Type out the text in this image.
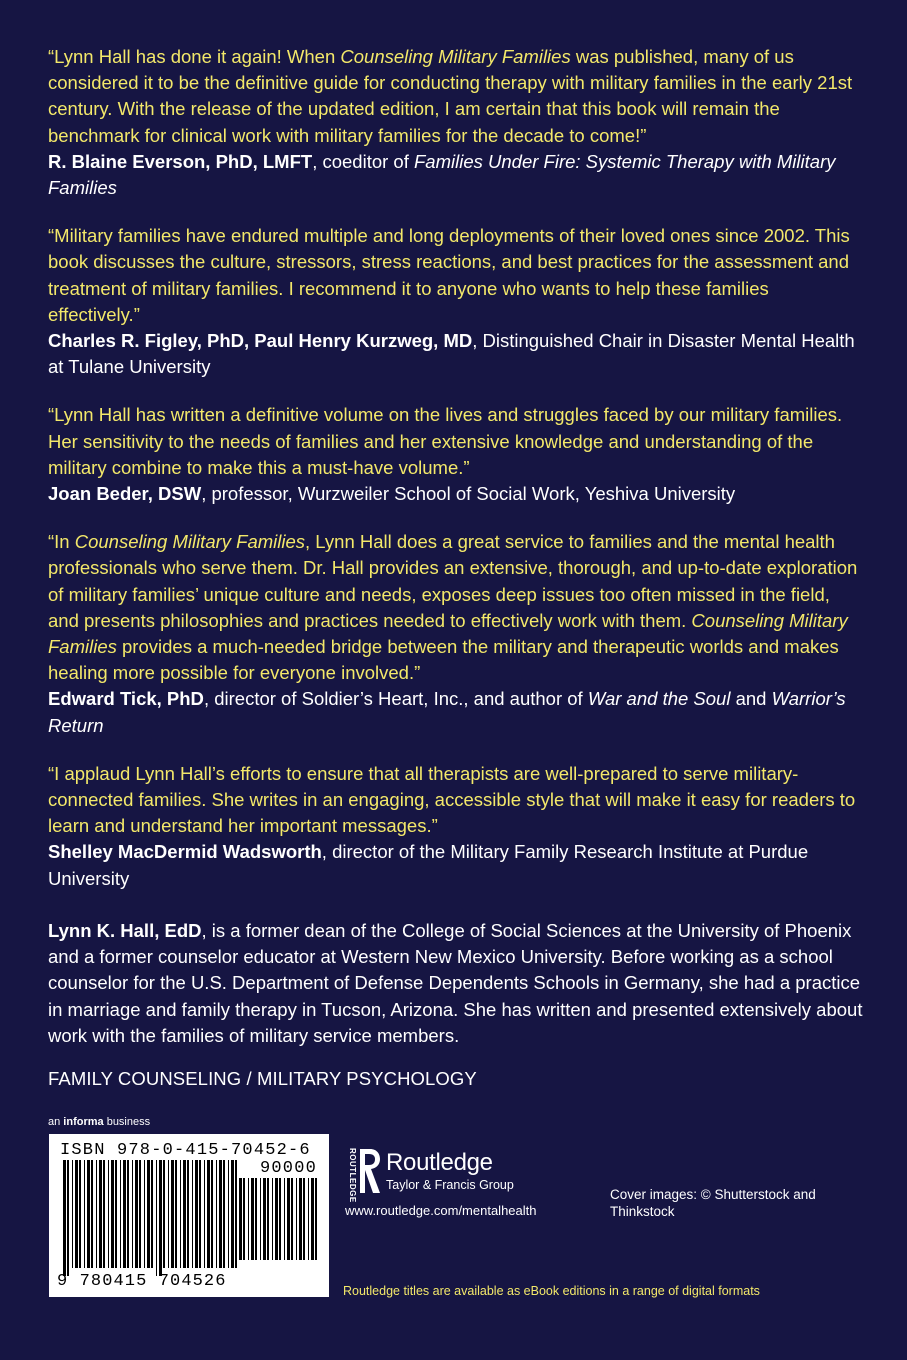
“Lynn Hall has done it again! When Counseling Military Families was published, many of us considered it to be the definitive guide for conducting therapy with military families in the early 21st century. With the release of the updated edition, I am certain that this book will remain the benchmark for clinical work with military families for the decade to come!”
R. Blaine Everson, PhD, LMFT, coeditor of Families Under Fire: Systemic Therapy with Military Families

“Military families have endured multiple and long deployments of their loved ones since 2002. This book discusses the culture, stressors, stress reactions, and best practices for the assessment and treatment of military families. I recommend it to anyone who wants to help these families effectively.”
Charles R. Figley, PhD, Paul Henry Kurzweg, MD, Distinguished Chair in Disaster Mental Health at Tulane University

“Lynn Hall has written a definitive volume on the lives and struggles faced by our military families. Her sensitivity to the needs of families and her extensive knowledge and understanding of the military combine to make this a must-have volume.”
Joan Beder, DSW, professor, Wurzweiler School of Social Work, Yeshiva University

“In Counseling Military Families, Lynn Hall does a great service to families and the mental health professionals who serve them. Dr. Hall provides an extensive, thorough, and up-to-date exploration of military families’ unique culture and needs, exposes deep issues too often missed in the field, and presents philosophies and practices needed to effectively work with them. Counseling Military Families provides a much-needed bridge between the military and therapeutic worlds and makes healing more possible for everyone involved.”
Edward Tick, PhD, director of Soldier’s Heart, Inc., and author of War and the Soul and Warrior’s Return

“I applaud Lynn Hall’s efforts to ensure that all therapists are well-prepared to serve military-connected families. She writes in an engaging, accessible style that will make it easy for readers to learn and understand her important messages.”
Shelley MacDermid Wadsworth, director of the Military Family Research Institute at Purdue University

Lynn K. Hall, EdD, is a former dean of the College of Social Sciences at the University of Phoenix and a former counselor educator at Western New Mexico University. Before working as a school counselor for the U.S. Department of Defense Dependents Schools in Germany, she had a practice in marriage and family therapy in Tucson, Arizona. She has written and presented extensively about work with the families of military service members.
FAMILY COUNSELING / MILITARY PSYCHOLOGY
an informa business
ISBN 978-0-415-70452-6
90000
9 780415 704526
ROUTLEDGE Routledge
Taylor & Francis Group
www.routledge.com/mentalhealth
Cover images: © Shutterstock and Thinkstock
Routledge titles are available as eBook editions in a range of digital formats
